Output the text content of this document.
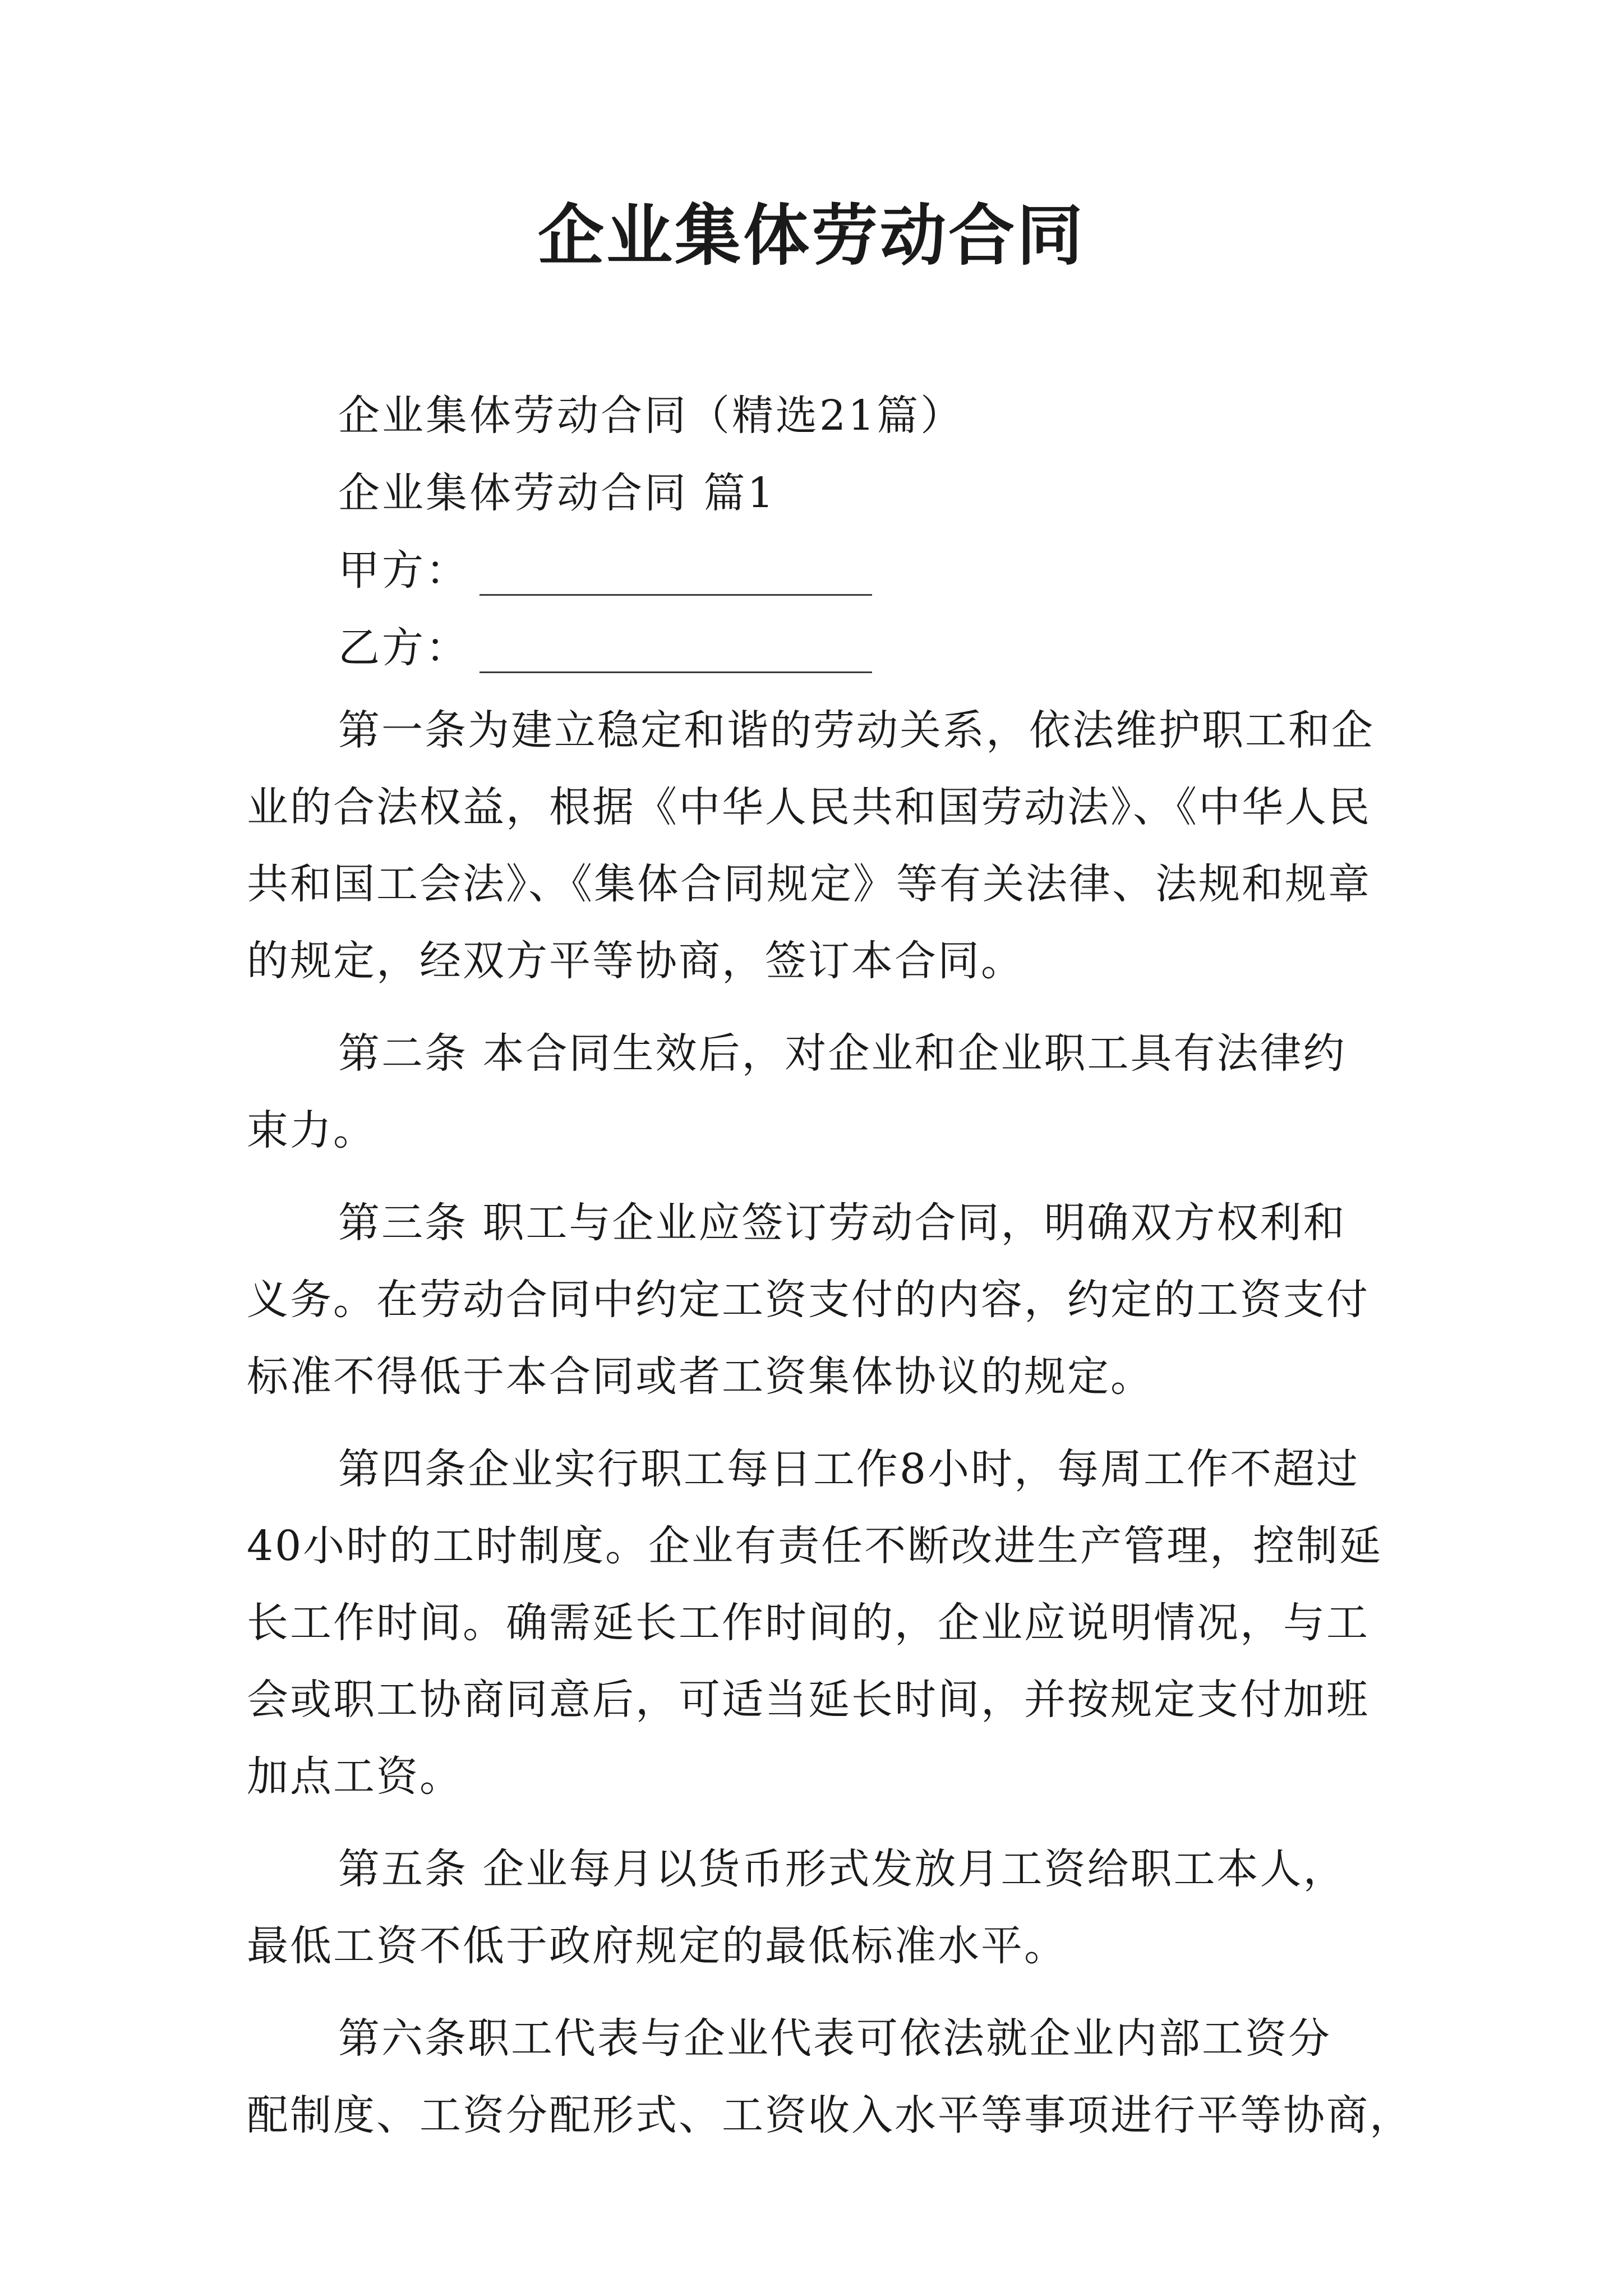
企业集体劳动合同

企业集体劳动合同（精选21篇）

企业集体劳动合同 篇1

甲方：

乙方：

第一条为建立稳定和谐的劳动关系，依法维护职工和企
业的合法权益，根据《中华人民共和国劳动法》、《中华人民
共和国工会法》、《集体合同规定》等有关法律、法规和规章
的规定，经双方平等协商，签订本合同。
第二条 本合同生效后，对企业和企业职工具有法律约
束力。
第三条 职工与企业应签订劳动合同，明确双方权利和
义务。在劳动合同中约定工资支付的内容，约定的工资支付
标准不得低于本合同或者工资集体协议的规定。
第四条企业实行职工每日工作8小时，每周工作不超过
40小时的工时制度。企业有责任不断改进生产管理，控制延
长工作时间。确需延长工作时间的，企业应说明情况，与工
会或职工协商同意后，可适当延长时间，并按规定支付加班
加点工资。
第五条 企业每月以货币形式发放月工资给职工本人，
最低工资不低于政府规定的最低标准水平。
第六条职工代表与企业代表可依法就企业内部工资分
配制度、工资分配形式、工资收入水平等事项进行平等协商，
